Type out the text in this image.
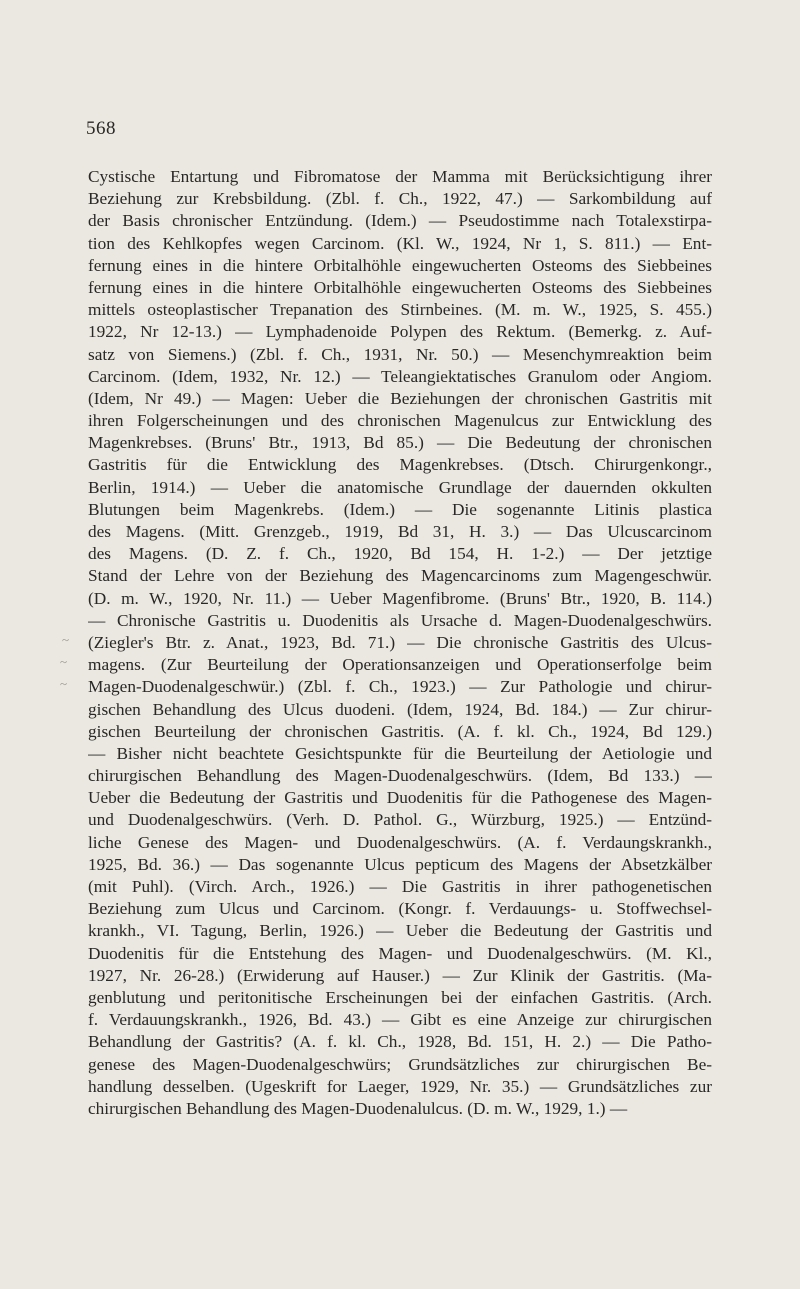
568
~
~
~
Cystische Entartung und Fibromatose der Mamma mit Berücksichtigung ihrer
Beziehung zur Krebsbildung. (Zbl. f. Ch., 1922, 47.) — Sarkombildung auf
der Basis chronischer Entzündung. (Idem.) — Pseudostimme nach Totalexstirpa-
tion des Kehlkopfes wegen Carcinom. (Kl. W., 1924, Nr 1, S. 811.) — Ent-
fernung eines in die hintere Orbitalhöhle eingewucherten Osteoms des Siebbeines
fernung eines in die hintere Orbitalhöhle eingewucherten Osteoms des Siebbeines
mittels osteoplastischer Trepanation des Stirnbeines. (M. m. W., 1925, S. 455.)
1922, Nr 12-13.) — Lymphadenoide Polypen des Rektum. (Bemerkg. z. Auf-
satz von Siemens.) (Zbl. f. Ch., 1931, Nr. 50.) — Mesenchymreaktion beim
Carcinom. (Idem, 1932, Nr. 12.) — Teleangiektatisches Granulom oder Angiom.
(Idem, Nr 49.) — Magen: Ueber die Beziehungen der chronischen Gastritis mit
ihren Folgerscheinungen und des chronischen Magenulcus zur Entwicklung des
Magenkrebses. (Bruns' Btr., 1913, Bd 85.) — Die Bedeutung der chronischen
Gastritis für die Entwicklung des Magenkrebses. (Dtsch. Chirurgenkongr.,
Berlin, 1914.) — Ueber die anatomische Grundlage der dauernden okkulten
Blutungen beim Magenkrebs. (Idem.) — Die sogenannte Litinis plastica
des Magens. (Mitt. Grenzgeb., 1919, Bd 31, H. 3.) — Das Ulcuscarcinom
des Magens. (D. Z. f. Ch., 1920, Bd 154, H. 1-2.) — Der jetztige
Stand der Lehre von der Beziehung des Magencarcinoms zum Magengeschwür.
(D. m. W., 1920, Nr. 11.) — Ueber Magenfibrome. (Bruns' Btr., 1920, B. 114.)
— Chronische Gastritis u. Duodenitis als Ursache d. Magen-Duodenalgeschwürs.
(Ziegler's Btr. z. Anat., 1923, Bd. 71.) — Die chronische Gastritis des Ulcus-
magens. (Zur Beurteilung der Operationsanzeigen und Operationserfolge beim
Magen-Duodenalgeschwür.) (Zbl. f. Ch., 1923.) — Zur Pathologie und chirur-
gischen Behandlung des Ulcus duodeni. (Idem, 1924, Bd. 184.) — Zur chirur-
gischen Beurteilung der chronischen Gastritis. (A. f. kl. Ch., 1924, Bd 129.)
— Bisher nicht beachtete Gesichtspunkte für die Beurteilung der Aetiologie und
chirurgischen Behandlung des Magen-Duodenalgeschwürs. (Idem, Bd 133.) —
Ueber die Bedeutung der Gastritis und Duodenitis für die Pathogenese des Magen-
und Duodenalgeschwürs. (Verh. D. Pathol. G., Würzburg, 1925.) — Entzünd-
liche Genese des Magen- und Duodenalgeschwürs. (A. f. Verdaungskrankh.,
1925, Bd. 36.) — Das sogenannte Ulcus pepticum des Magens der Absetzkälber
(mit Puhl). (Virch. Arch., 1926.) — Die Gastritis in ihrer pathogenetischen
Beziehung zum Ulcus und Carcinom. (Kongr. f. Verdauungs- u. Stoffwechsel-
krankh., VI. Tagung, Berlin, 1926.) — Ueber die Bedeutung der Gastritis und
Duodenitis für die Entstehung des Magen- und Duodenalgeschwürs. (M. Kl.,
1927, Nr. 26-28.) (Erwiderung auf Hauser.) — Zur Klinik der Gastritis. (Ma-
genblutung und peritonitische Erscheinungen bei der einfachen Gastritis. (Arch.
f. Verdauungskrankh., 1926, Bd. 43.) — Gibt es eine Anzeige zur chirurgischen
Behandlung der Gastritis? (A. f. kl. Ch., 1928, Bd. 151, H. 2.) — Die Patho-
genese des Magen-Duodenalgeschwürs; Grundsätzliches zur chirurgischen Be-
handlung desselben. (Ugeskrift for Laeger, 1929, Nr. 35.) — Grundsätzliches zur
chirurgischen Behandlung des Magen-Duodenalulcus. (D. m. W., 1929, 1.) —
